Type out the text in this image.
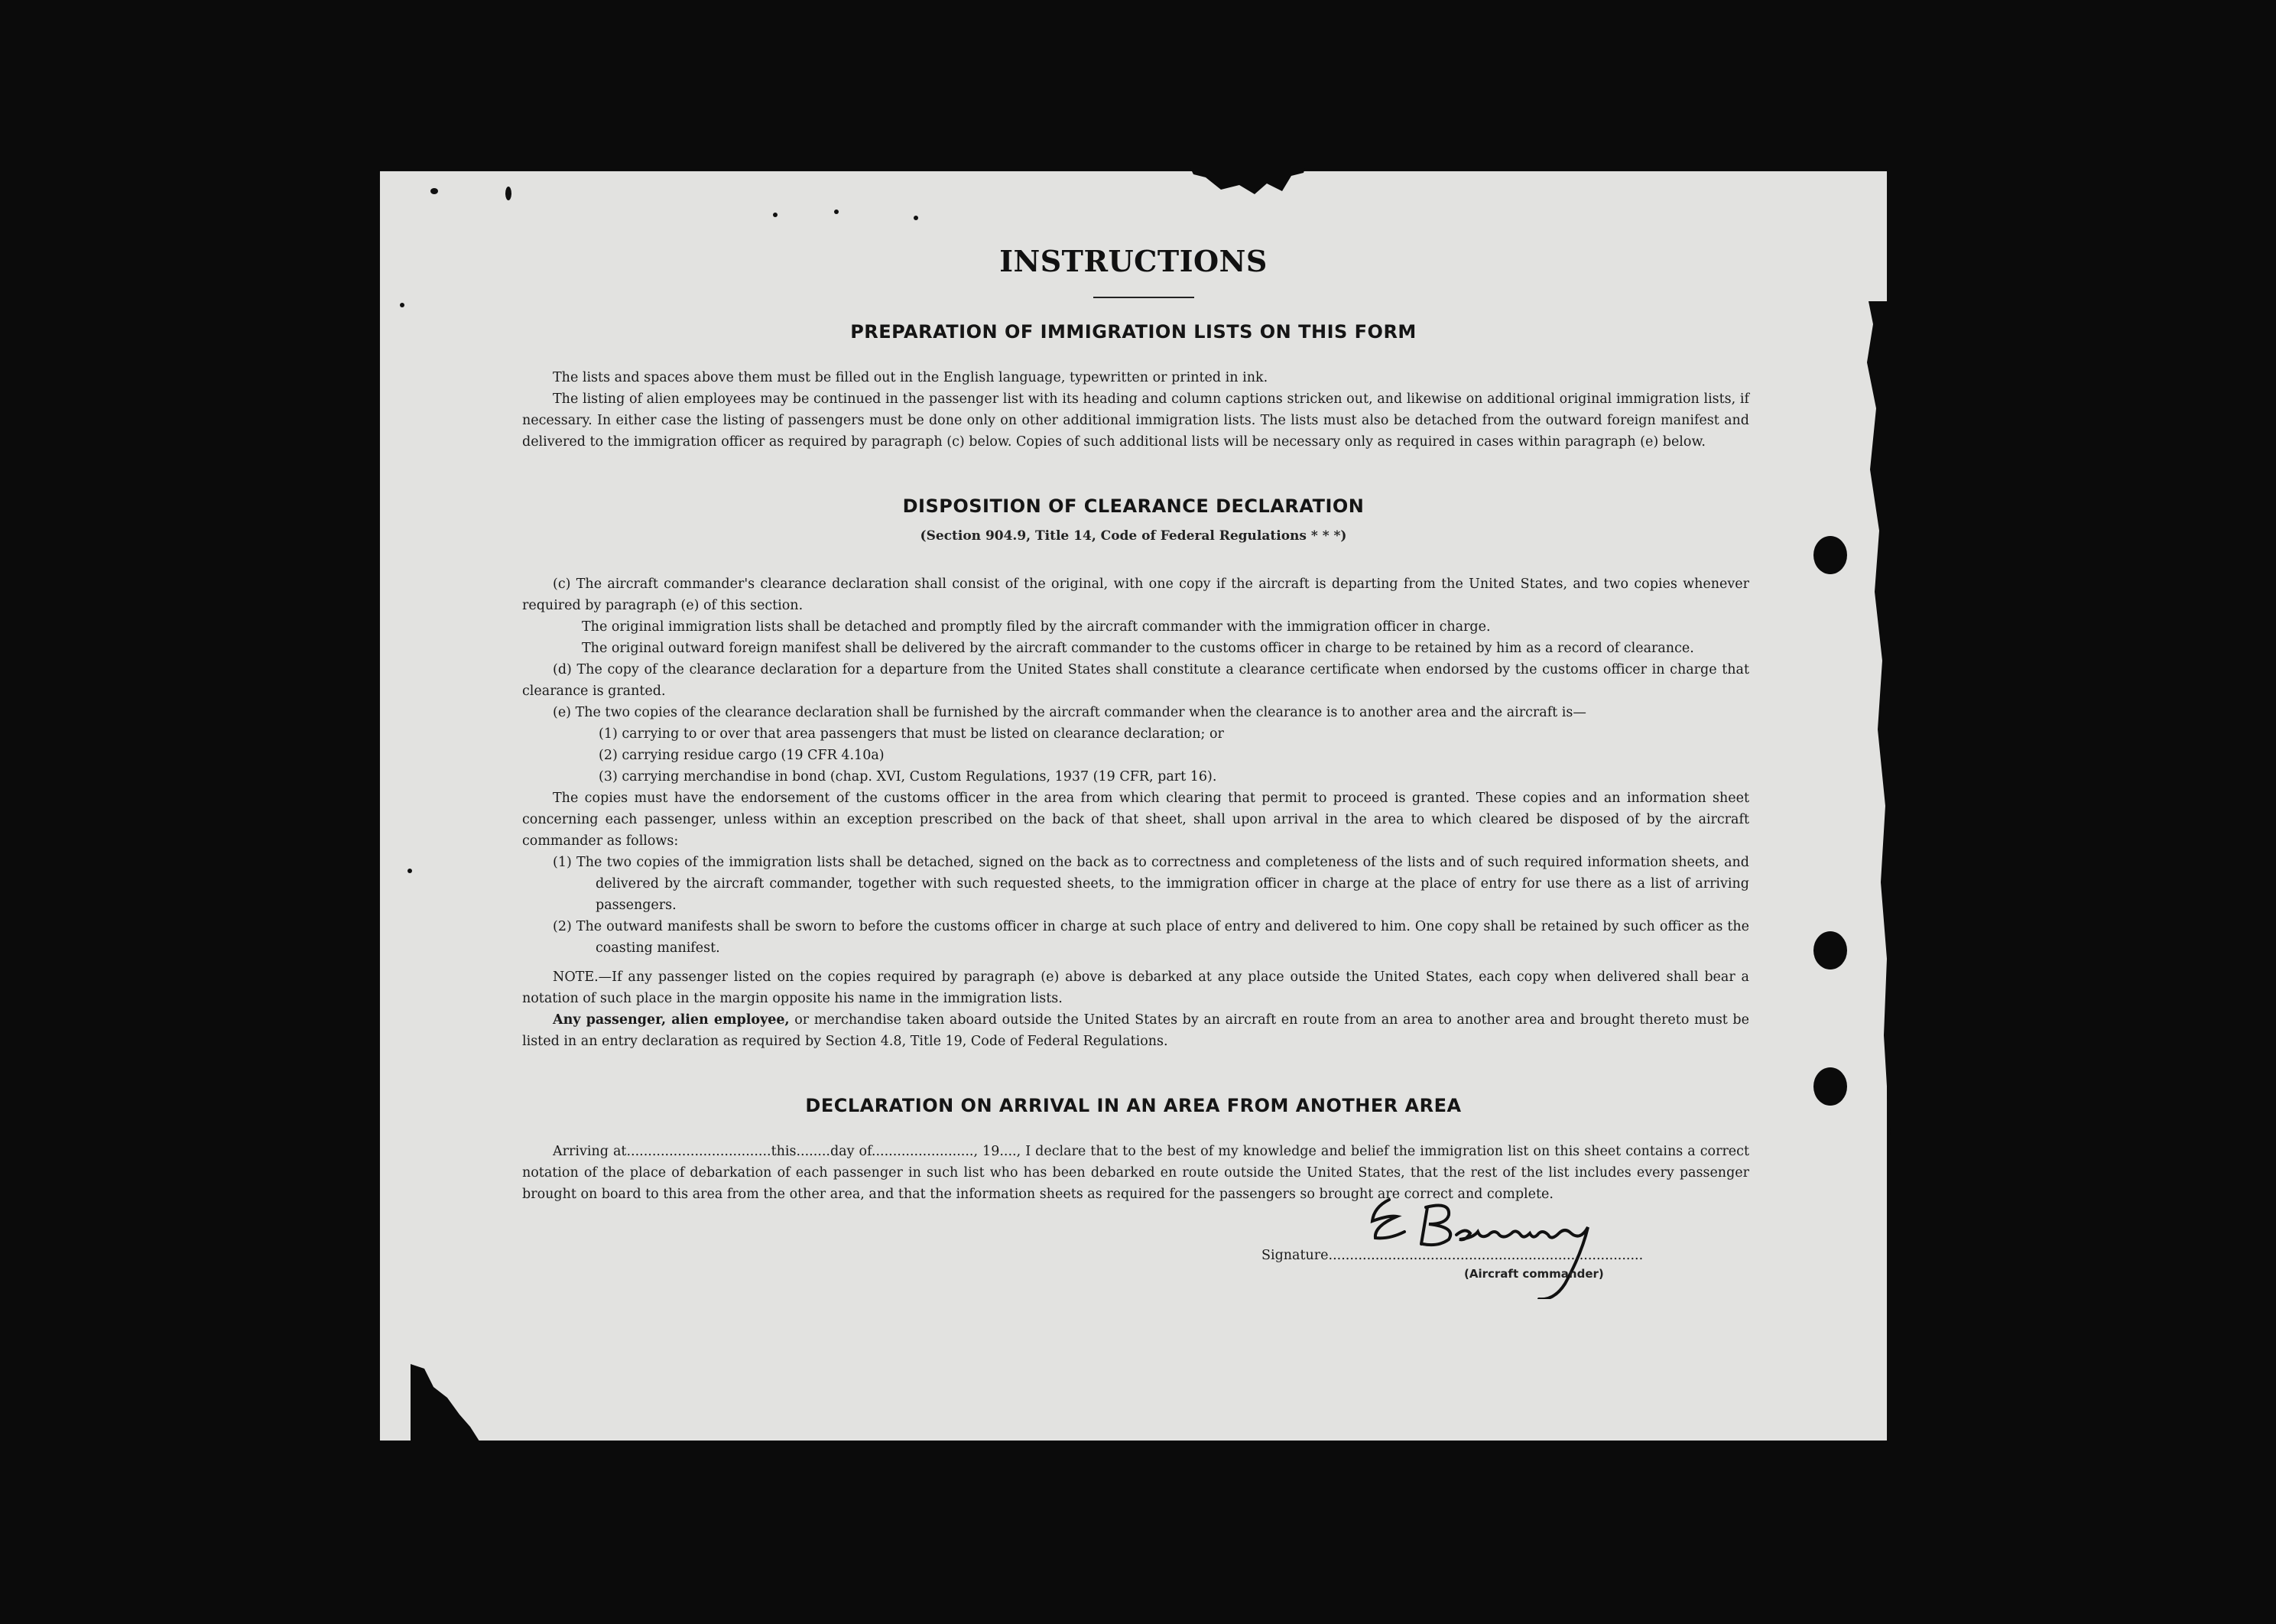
INSTRUCTIONS
PREPARATION OF IMMIGRATION LISTS ON THIS FORM

The lists and spaces above them must be filled out in the English language, typewritten or printed in ink.

The listing of alien employees may be continued in the passenger list with its heading and column captions stricken out, and likewise on additional original immigration lists, if necessary. In either case the listing of passengers must be done only on other additional immigration lists. The lists must also be detached from the outward foreign manifest and delivered to the immigration officer as required by paragraph (c) below. Copies of such additional lists will be necessary only as required in cases within paragraph (e) below.

DISPOSITION OF CLEARANCE DECLARATION
(Section 904.9, Title 14, Code of Federal Regulations * * *)

(c) The aircraft commander's clearance declaration shall consist of the original, with one copy if the aircraft is departing from the United States, and two copies whenever required by paragraph (e) of this section.

The original immigration lists shall be detached and promptly filed by the aircraft commander with the immigration officer in charge.

The original outward foreign manifest shall be delivered by the aircraft commander to the customs officer in charge to be retained by him as a record of clearance.

(d) The copy of the clearance declaration for a departure from the United States shall constitute a clearance certificate when endorsed by the customs officer in charge that clearance is granted.

(e) The two copies of the clearance declaration shall be furnished by the aircraft commander when the clearance is to another area and the aircraft is—

(1) carrying to or over that area passengers that must be listed on clearance declaration; or

(2) carrying residue cargo (19 CFR 4.10a)

(3) carrying merchandise in bond (chap. XVI, Custom Regulations, 1937 (19 CFR, part 16).

The copies must have the endorsement of the customs officer in the area from which clearing that permit to proceed is granted. These copies and an information sheet concerning each passenger, unless within an exception prescribed on the back of that sheet, shall upon arrival in the area to which cleared be disposed of by the aircraft commander as follows:

(1) The two copies of the immigration lists shall be detached, signed on the back as to correctness and completeness of the lists and of such required information sheets, and delivered by the aircraft commander, together with such requested sheets, to the immigration officer in charge at the place of entry for use there as a list of arriving passengers.

(2) The outward manifests shall be sworn to before the customs officer in charge at such place of entry and delivered to him. One copy shall be retained by such officer as the coasting manifest.

NOTE.—If any passenger listed on the copies required by paragraph (e) above is debarked at any place outside the United States, each copy when delivered shall bear a notation of such place in the margin opposite his name in the immigration lists.

Any passenger, alien employee, or merchandise taken aboard outside the United States by an aircraft en route from an area to another area and brought thereto must be listed in an entry declaration as required by Section 4.8, Title 19, Code of Federal Regulations.

DECLARATION ON ARRIVAL IN AN AREA FROM ANOTHER AREA

Arriving at..................................this........day of........................, 19...., I declare that to the best of my knowledge and belief the immigration list on this sheet contains a correct notation of the place of debarkation of each passenger in such list who has been debarked en route outside the United States, that the rest of the list includes every passenger brought on board to this area from the other area, and that the information sheets as required for the passengers so brought are correct and complete.

Signature..........................................................................
(Aircraft commander)
